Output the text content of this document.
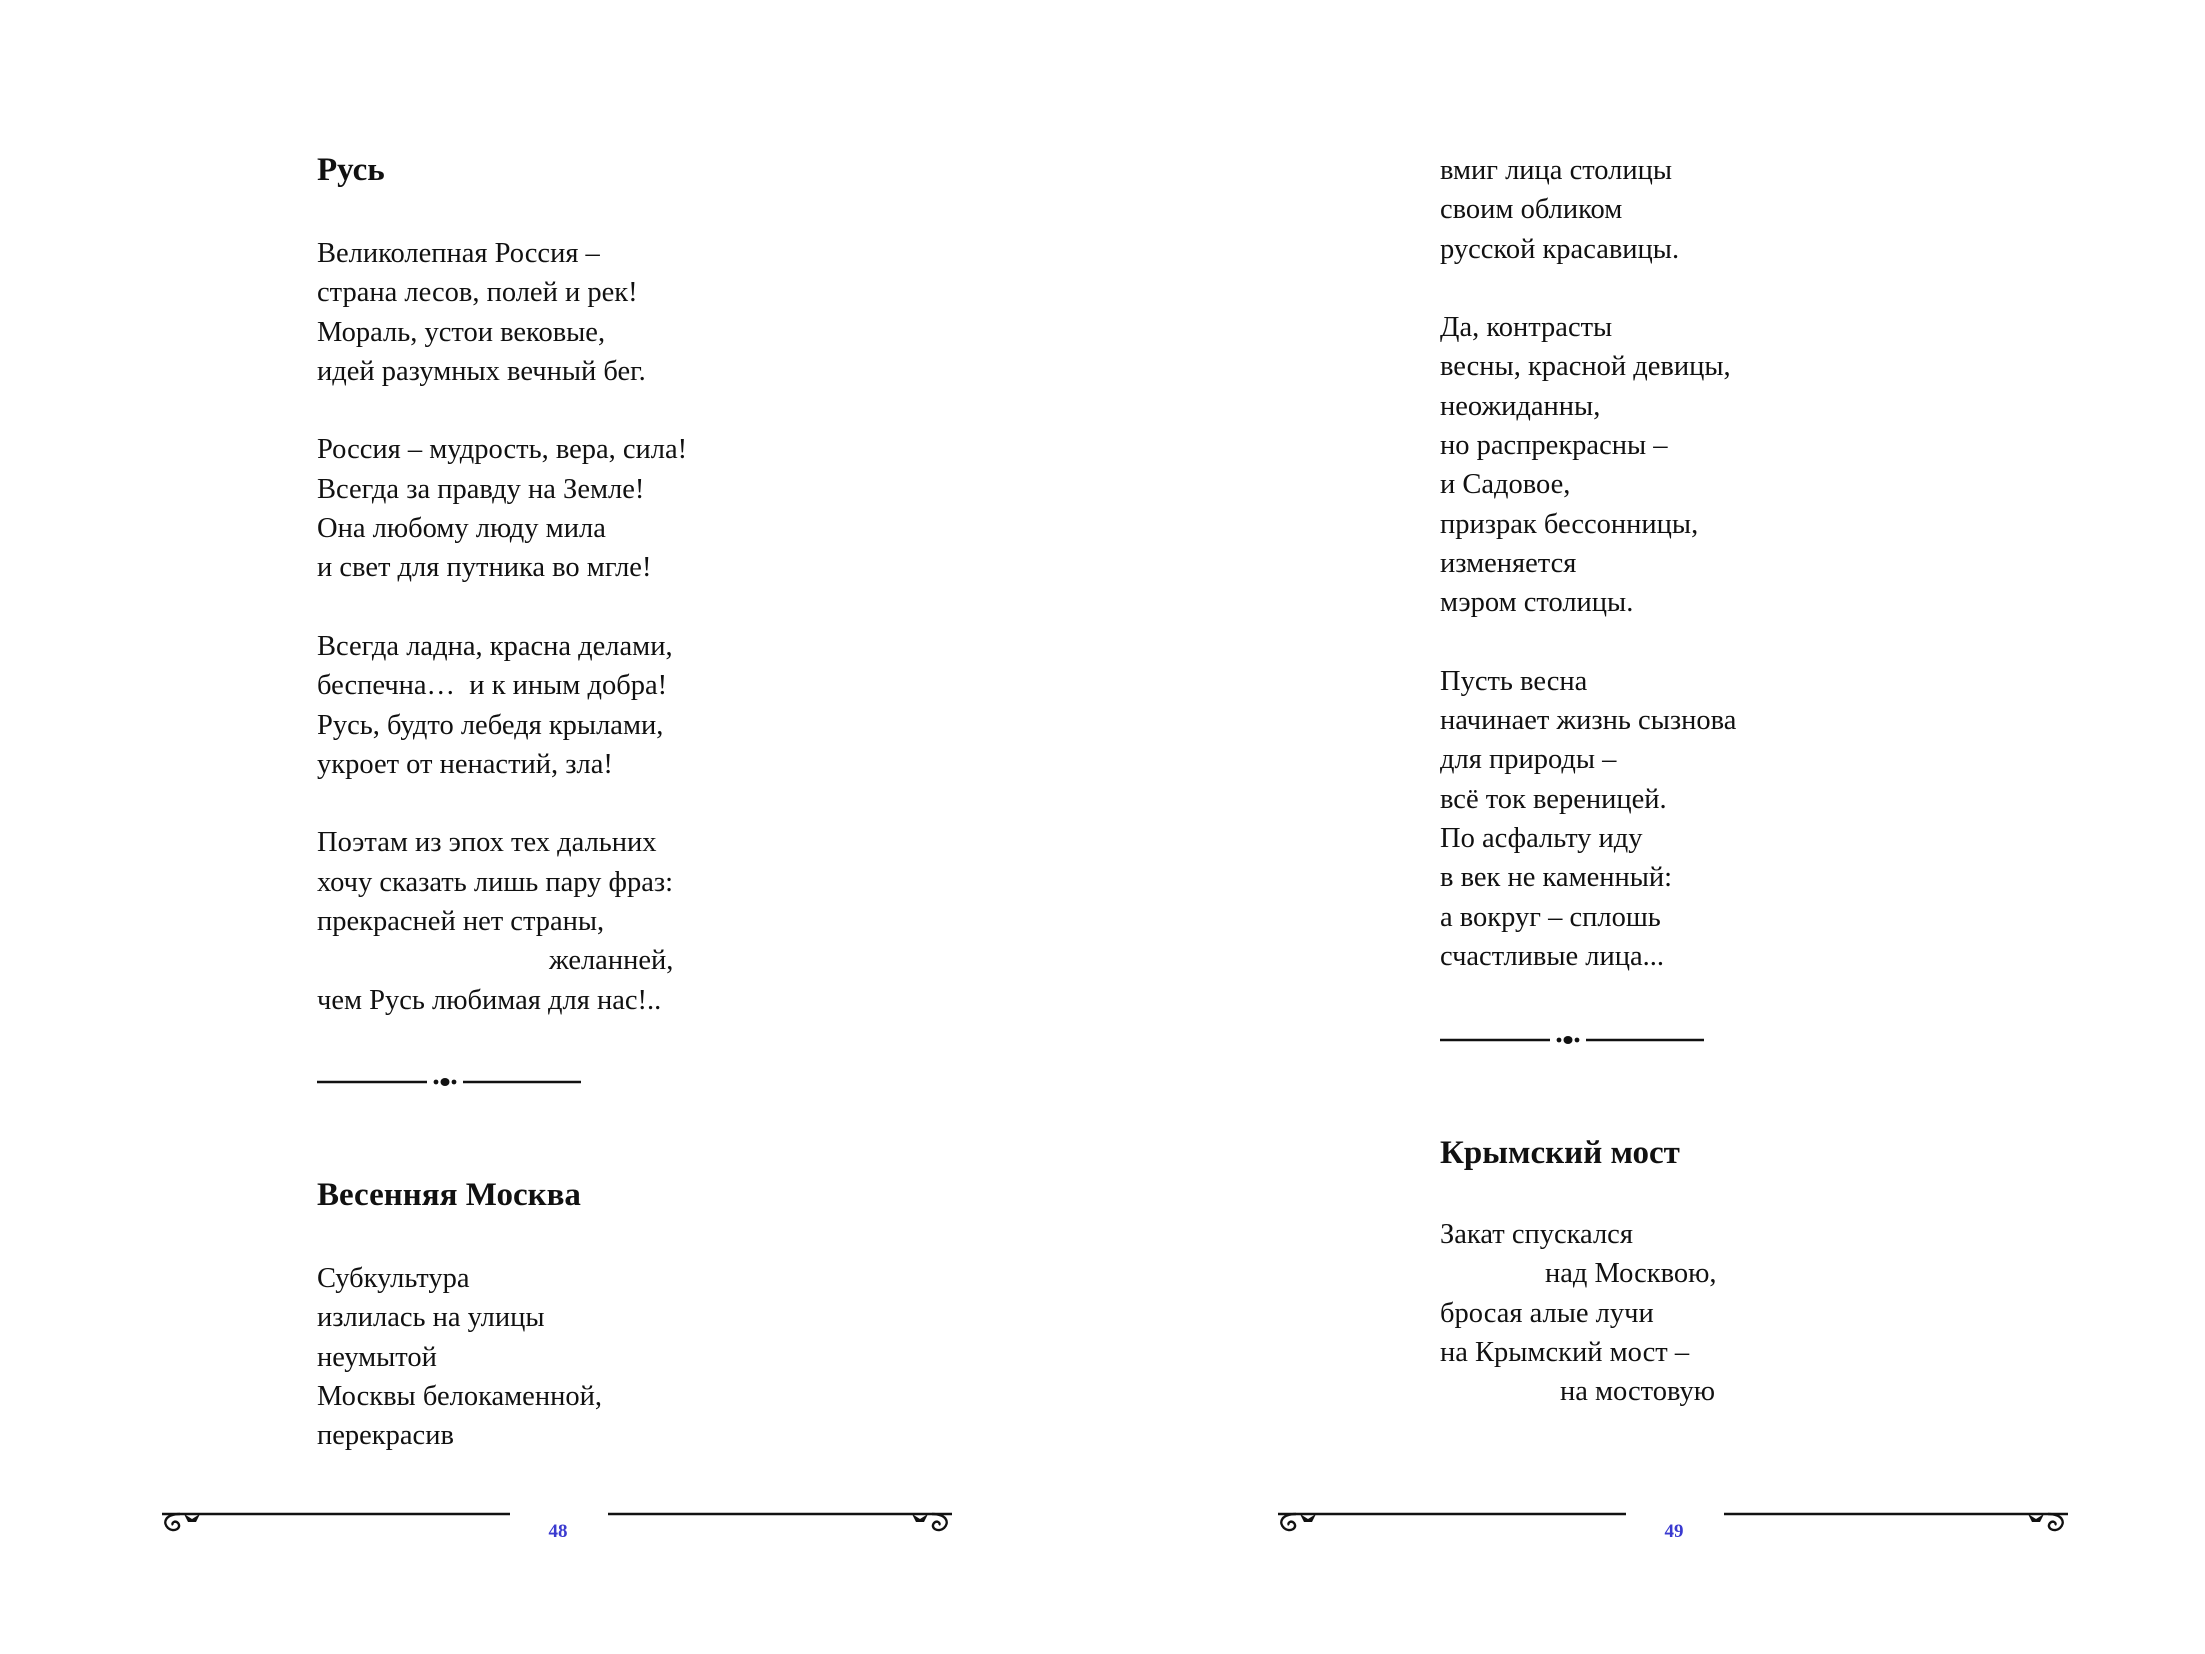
Русь
Великолепная Россия –
страна лесов, полей и рек!
Мораль, устои вековые,
идей разумных вечный бег.
Россия – мудрость, вера, сила!
Всегда за правду на Земле!
Она любому люду мила
и свет для путника во мгле!
Всегда ладна, красна делами,
беспечна…  и к иным добра!
Русь, будто лебедя крылами,
укроет от ненастий, зла!
Поэтам из эпох тех дальних
хочу сказать лишь пару фраз:
прекрасней нет страны,
желанней,
чем Русь любимая для нас!..
Весенняя Москва
Субкультура
излилась на улицы
неумытой
Москвы белокаменной,
перекрасив
48
вмиг лица столицы
своим обликом
русской красавицы.
Да, контрасты
весны, красной девицы,
неожиданны,
но распрекрасны –
и Садовое,
призрак бессонницы,
изменяется
мэром столицы.
Пусть весна
начинает жизнь сызнова
для природы –
всё ток вереницей.
По асфальту иду
в век не каменный:
а вокруг – сплошь
счастливые лица...
Крымский мост
Закат спускался
над Москвою,
бросая алые лучи
на Крымский мост –
на мостовую
49
